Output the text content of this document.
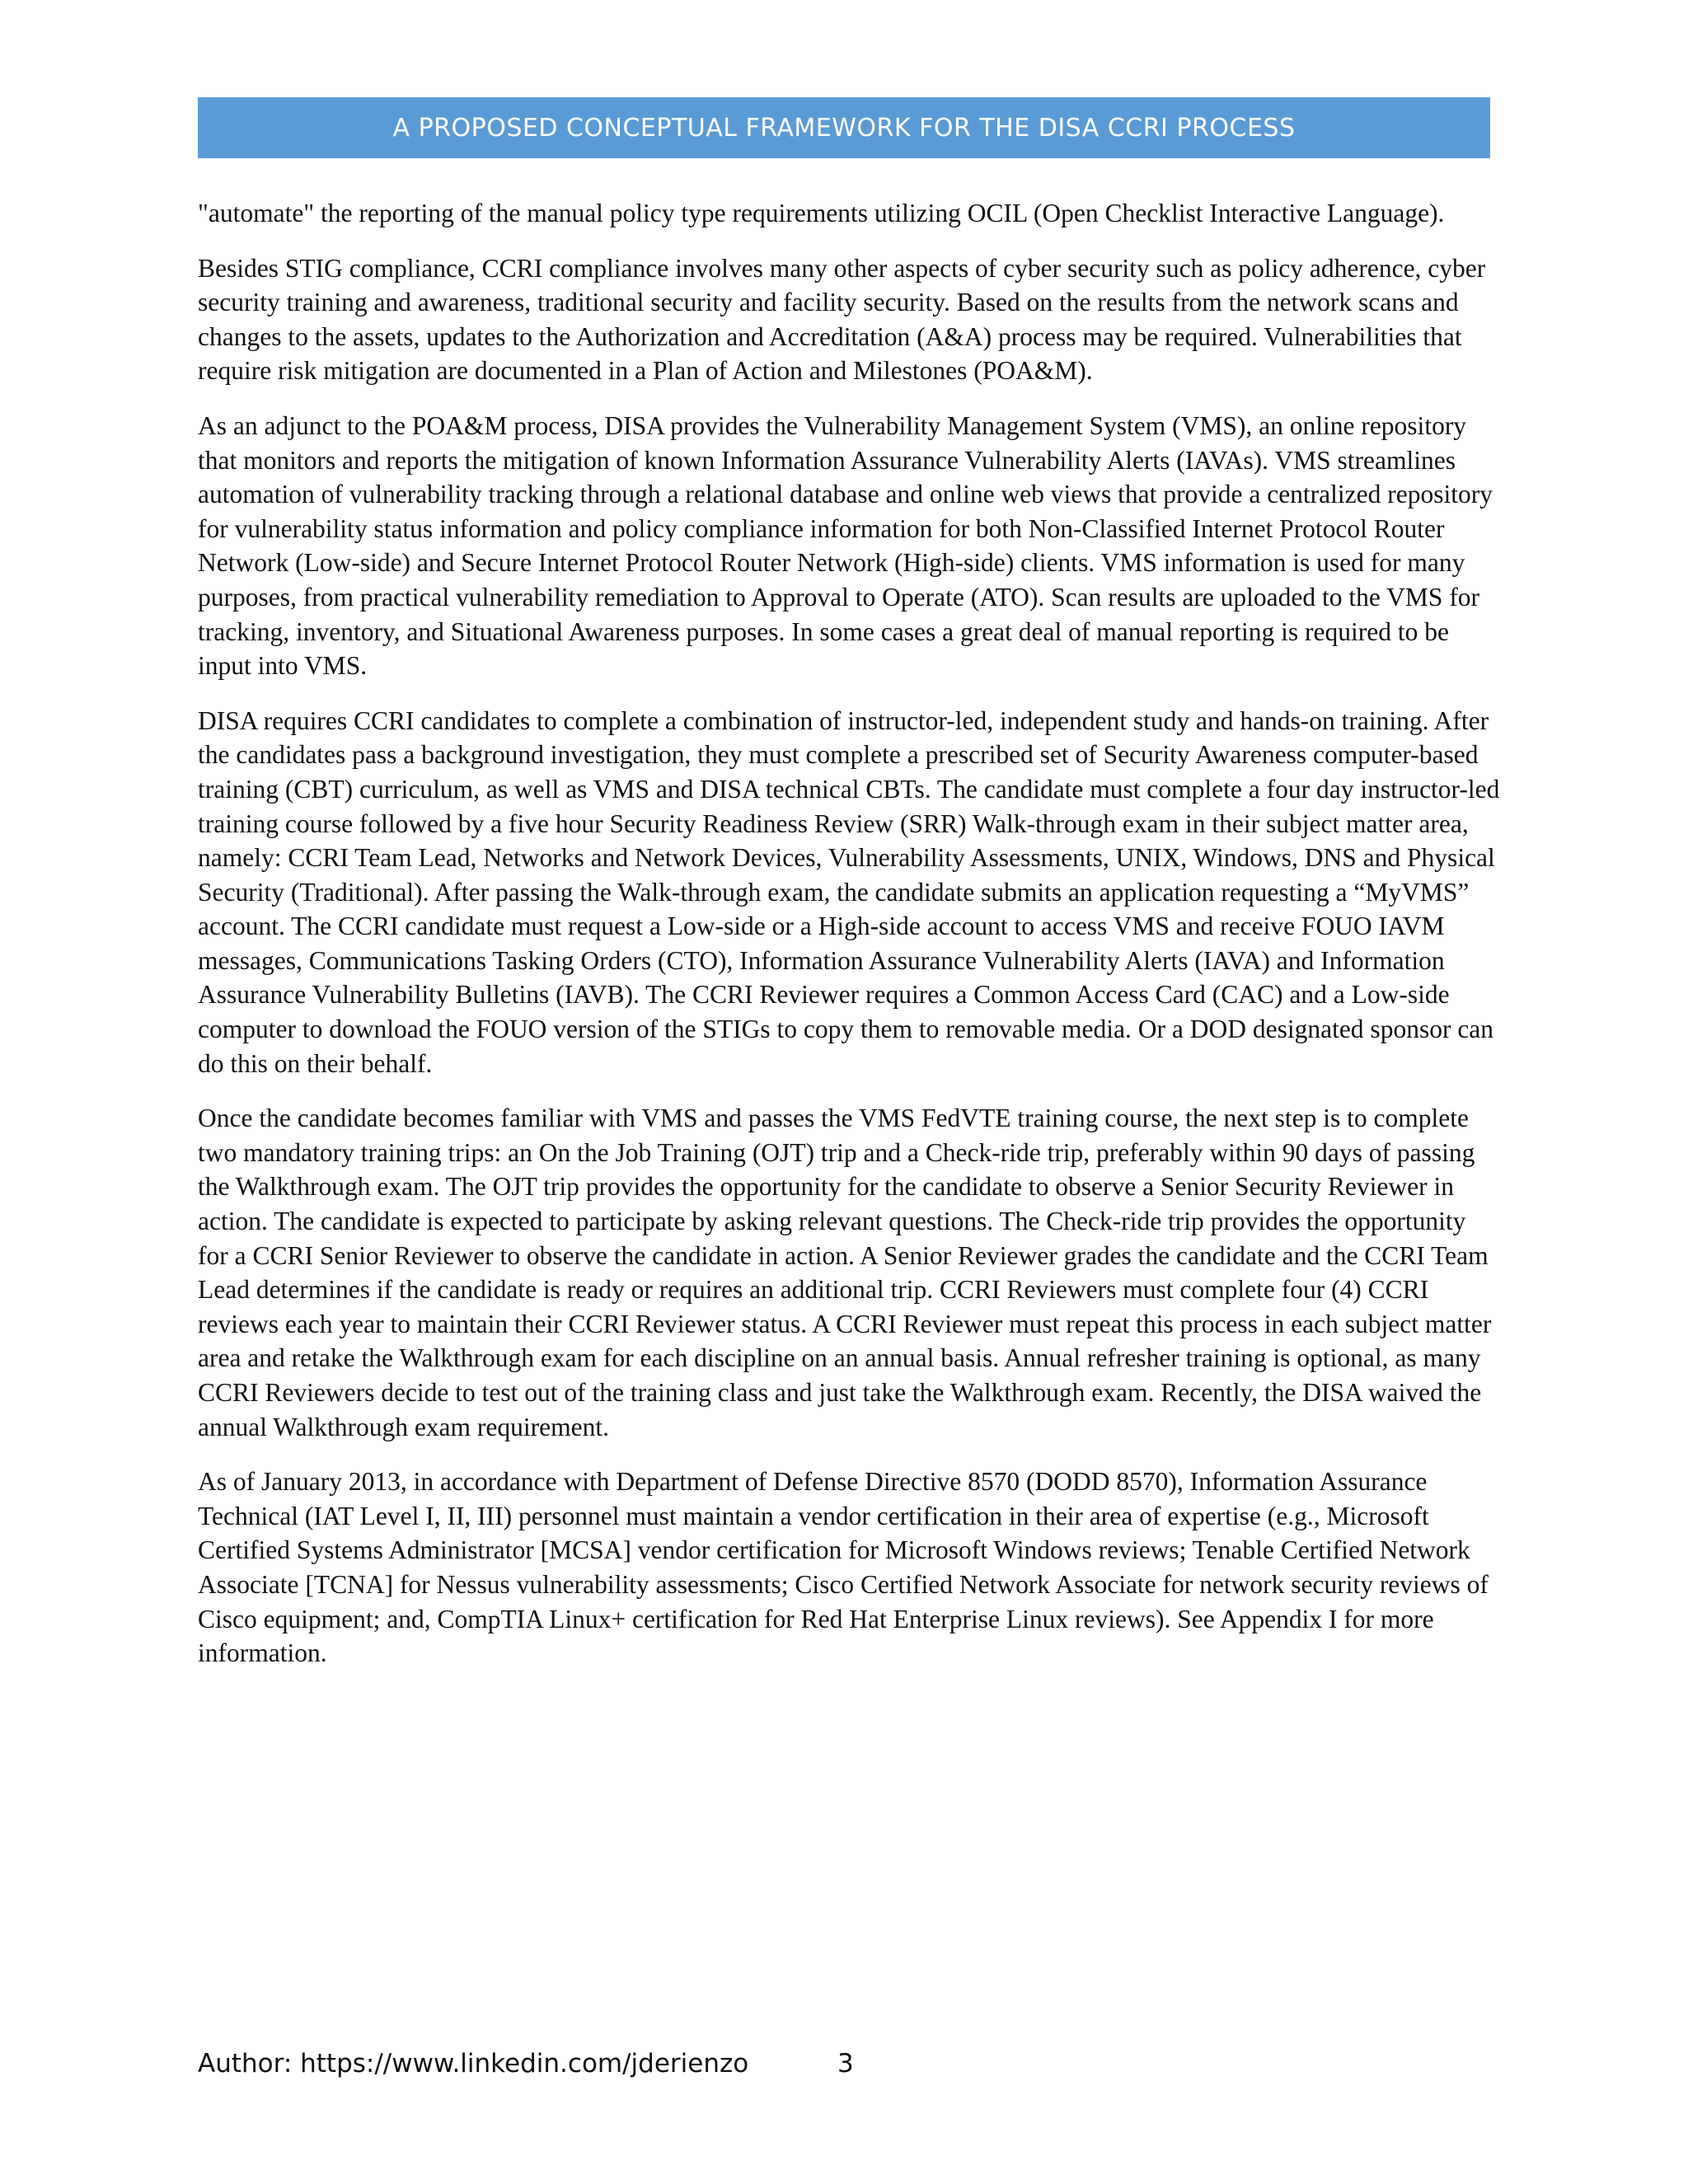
A PROPOSED CONCEPTUAL FRAMEWORK FOR THE DISA CCRI PROCESS

"automate" the reporting of the manual policy type requirements utilizing OCIL (Open Checklist Interactive Language).

Besides STIG compliance, CCRI compliance involves many other aspects of cyber security such as policy adherence, cyber security training and awareness, traditional security and facility security. Based on the results from the network scans and changes to the assets, updates to the Authorization and Accreditation (A&A) process may be required. Vulnerabilities that require risk mitigation are documented in a Plan of Action and Milestones (POA&M).

As an adjunct to the POA&M process, DISA provides the Vulnerability Management System (VMS), an online repository that monitors and reports the mitigation of known Information Assurance Vulnerability Alerts (IAVAs). VMS streamlines automation of vulnerability tracking through a relational database and online web views that provide a centralized repository for vulnerability status information and policy compliance information for both Non-Classified Internet Protocol Router Network (Low-side) and Secure Internet Protocol Router Network (High-side) clients. VMS information is used for many purposes, from practical vulnerability remediation to Approval to Operate (ATO). Scan results are uploaded to the VMS for tracking, inventory, and Situational Awareness purposes. In some cases a great deal of manual reporting is required to be input into VMS.

DISA requires CCRI candidates to complete a combination of instructor-led, independent study and hands-on training. After the candidates pass a background investigation, they must complete a prescribed set of Security Awareness computer-based training (CBT) curriculum, as well as VMS and DISA technical CBTs. The candidate must complete a four day instructor-led training course followed by a five hour Security Readiness Review (SRR) Walk-through exam in their subject matter area, namely: CCRI Team Lead, Networks and Network Devices, Vulnerability Assessments, UNIX, Windows, DNS and Physical Security (Traditional). After passing the Walk-through exam, the candidate submits an application requesting a “MyVMS” account. The CCRI candidate must request a Low-side or a High-side account to access VMS and receive FOUO IAVM messages, Communications Tasking Orders (CTO), Information Assurance Vulnerability Alerts (IAVA) and Information Assurance Vulnerability Bulletins (IAVB). The CCRI Reviewer requires a Common Access Card (CAC) and a Low-side computer to download the FOUO version of the STIGs to copy them to removable media. Or a DOD designated sponsor can do this on their behalf.

Once the candidate becomes familiar with VMS and passes the VMS FedVTE training course, the next step is to complete two mandatory training trips: an On the Job Training (OJT) trip and a Check-ride trip, preferably within 90 days of passing the Walkthrough exam. The OJT trip provides the opportunity for the candidate to observe a Senior Security Reviewer in action. The candidate is expected to participate by asking relevant questions. The Check-ride trip provides the opportunity for a CCRI Senior Reviewer to observe the candidate in action. A Senior Reviewer grades the candidate and the CCRI Team Lead determines if the candidate is ready or requires an additional trip. CCRI Reviewers must complete four (4) CCRI reviews each year to maintain their CCRI Reviewer status. A CCRI Reviewer must repeat this process in each subject matter area and retake the Walkthrough exam for each discipline on an annual basis. Annual refresher training is optional, as many CCRI Reviewers decide to test out of the training class and just take the Walkthrough exam. Recently, the DISA waived the annual Walkthrough exam requirement.

As of January 2013, in accordance with Department of Defense Directive 8570 (DODD 8570), Information Assurance Technical (IAT Level I, II, III) personnel must maintain a vendor certification in their area of expertise (e.g., Microsoft Certified Systems Administrator [MCSA] vendor certification for Microsoft Windows reviews; Tenable Certified Network Associate [TCNA] for Nessus vulnerability assessments; Cisco Certified Network Associate for network security reviews of Cisco equipment; and, CompTIA Linux+ certification for Red Hat Enterprise Linux reviews). See Appendix I for more information.

Author: https://www.linkedin.com/jderienzo	3
